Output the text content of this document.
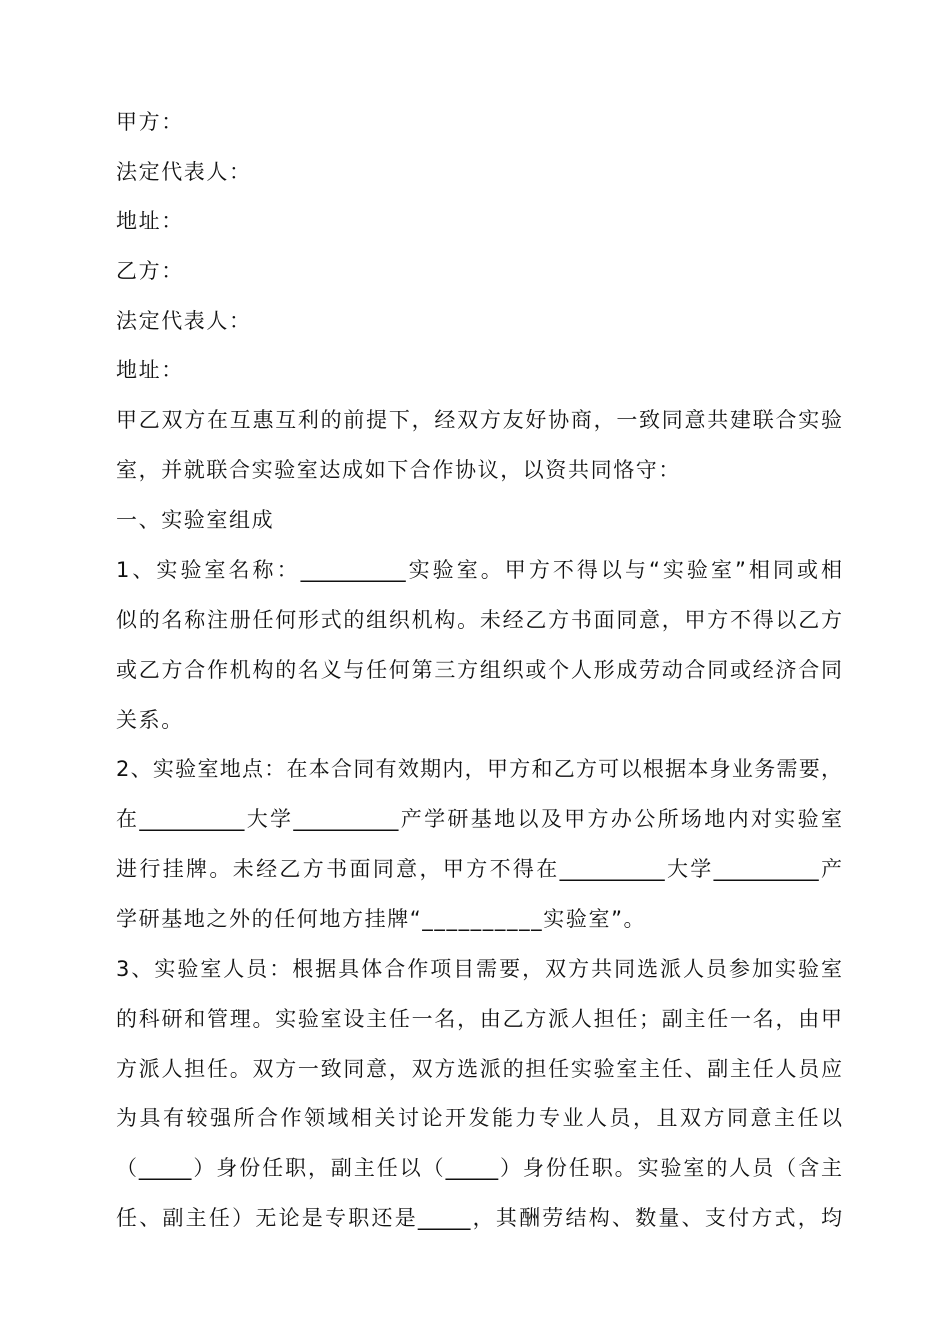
甲方：
法定代表人：
地址：
乙方：
法定代表人：
地址：
甲乙双方在互惠互利的前提下，经双方友好协商，一致同意共建联合实验
室，并就联合实验室达成如下合作协议，以资共同恪守：
一、实验室组成
1、实验室名称：__________实验室。甲方不得以与“实验室”相同或相
似的名称注册任何形式的组织机构。未经乙方书面同意，甲方不得以乙方
或乙方合作机构的名义与任何第三方组织或个人形成劳动合同或经济合同
关系。
2、实验室地点：在本合同有效期内，甲方和乙方可以根据本身业务需要，
在__________大学__________产学研基地以及甲方办公所场地内对实验室
进行挂牌。未经乙方书面同意，甲方不得在__________大学__________产
学研基地之外的任何地方挂牌“__________实验室”。
3、实验室人员：根据具体合作项目需要，双方共同选派人员参加实验室
的科研和管理。实验室设主任一名，由乙方派人担任；副主任一名，由甲
方派人担任。双方一致同意，双方选派的担任实验室主任、副主任人员应
为具有较强所合作领域相关讨论开发能力专业人员，且双方同意主任以
（_____）身份任职，副主任以（_____）身份任职。实验室的人员（含主
任、副主任）无论是专职还是_____，其酬劳结构、数量、支付方式，均
